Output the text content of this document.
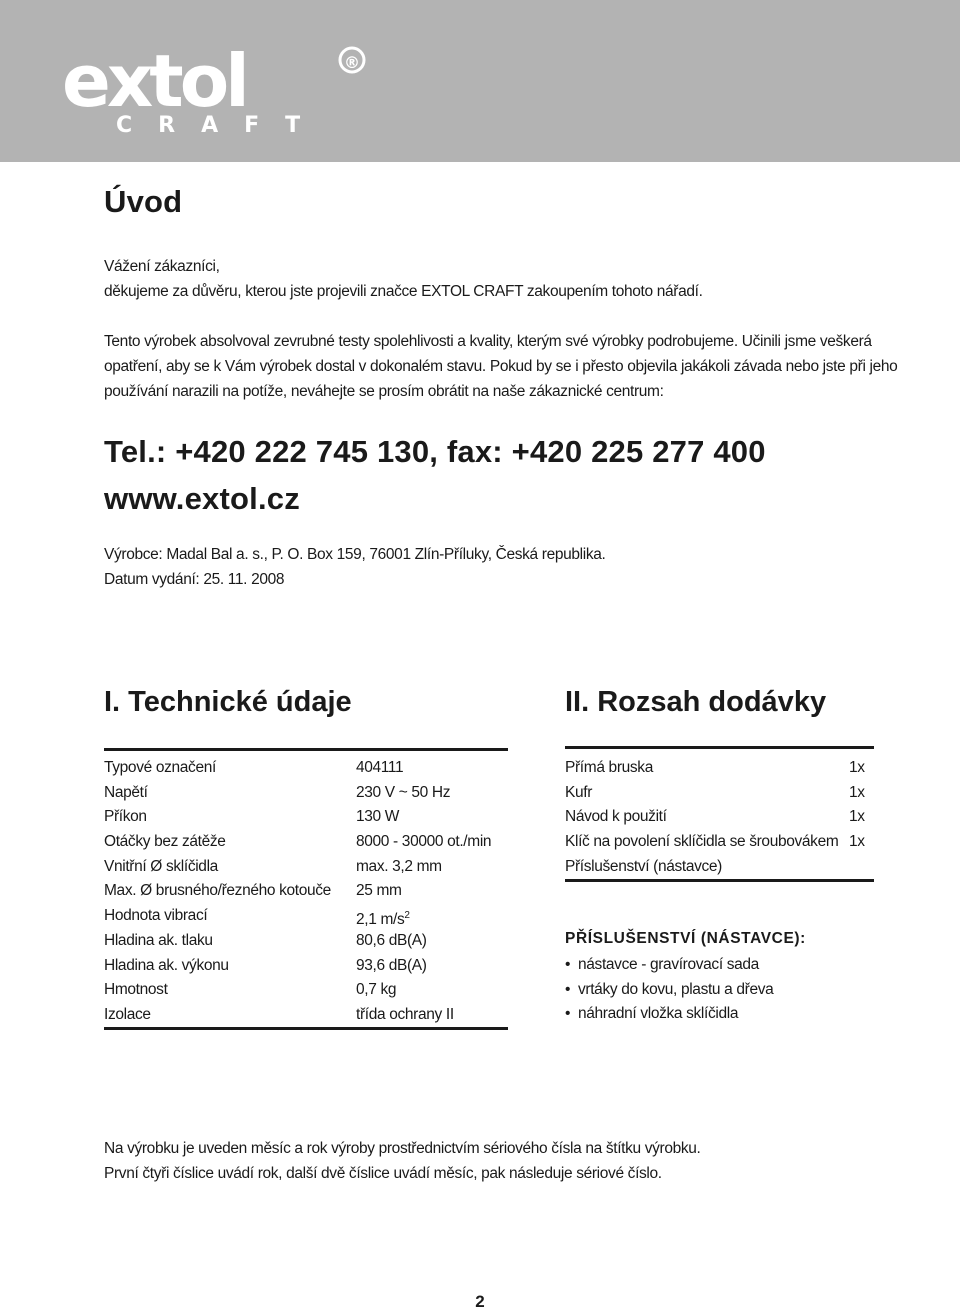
extol
CRAFT
®
Úvod

Vážení zákazníci,
děkujeme za důvěru, kterou jste projevili značce EXTOL CRAFT zakoupením tohoto nářadí.

Tento výrobek absolvoval zevrubné testy spolehlivosti a kvality, kterým své výrobky podrobujeme. Učinili jsme veškerá
opatření, aby se k Vám výrobek dostal v dokonalém stavu. Pokud by se i přesto objevila jakákoli závada nebo jste při jeho
používání narazili na potíže, neváhejte se prosím obrátit na naše zákaznické centrum:

Tel.: +420 222 745 130, fax: +420 225 277 400
www.extol.cz

Výrobce: Madal Bal a. s., P. O. Box 159, 76001 Zlín-Příluky, Česká republika.
Datum vydání: 25. 11. 2008

I. Technické údaje
Typové označení	404111
Napětí	230 V ~ 50 Hz
Příkon	130 W
Otáčky bez zátěže	8000 - 30000 ot./min
Vnitřní Ø sklíčidla	max. 3,2 mm
Max. Ø brusného/řezného kotouče	25 mm
Hodnota vibrací	2,1 $m/s^2$
Hladina ak. tlaku	80,6 dB(A)
Hladina ak. výkonu	93,6 dB(A)
Hmotnost	0,7 kg
Izolace	třída ochrany II
II. Rozsah dodávky
Přímá bruska	1x
Kufr	1x
Návod k použití	1x
Klíč na povolení sklíčidla se šroubovákem 1x
Příslušenství (nástavce)
PŘÍSLUŠENSTVÍ (NÁSTAVCE):
• nástavce - gravírovací sada
• vrtáky do kovu, plastu a dřeva
• náhradní vložka sklíčidla

Na výrobku je uveden měsíc a rok výroby prostřednictvím sériového čísla na štítku výrobku.
První čtyři číslice uvádí rok, další dvě číslice uvádí měsíc, pak následuje sériové číslo.

2
